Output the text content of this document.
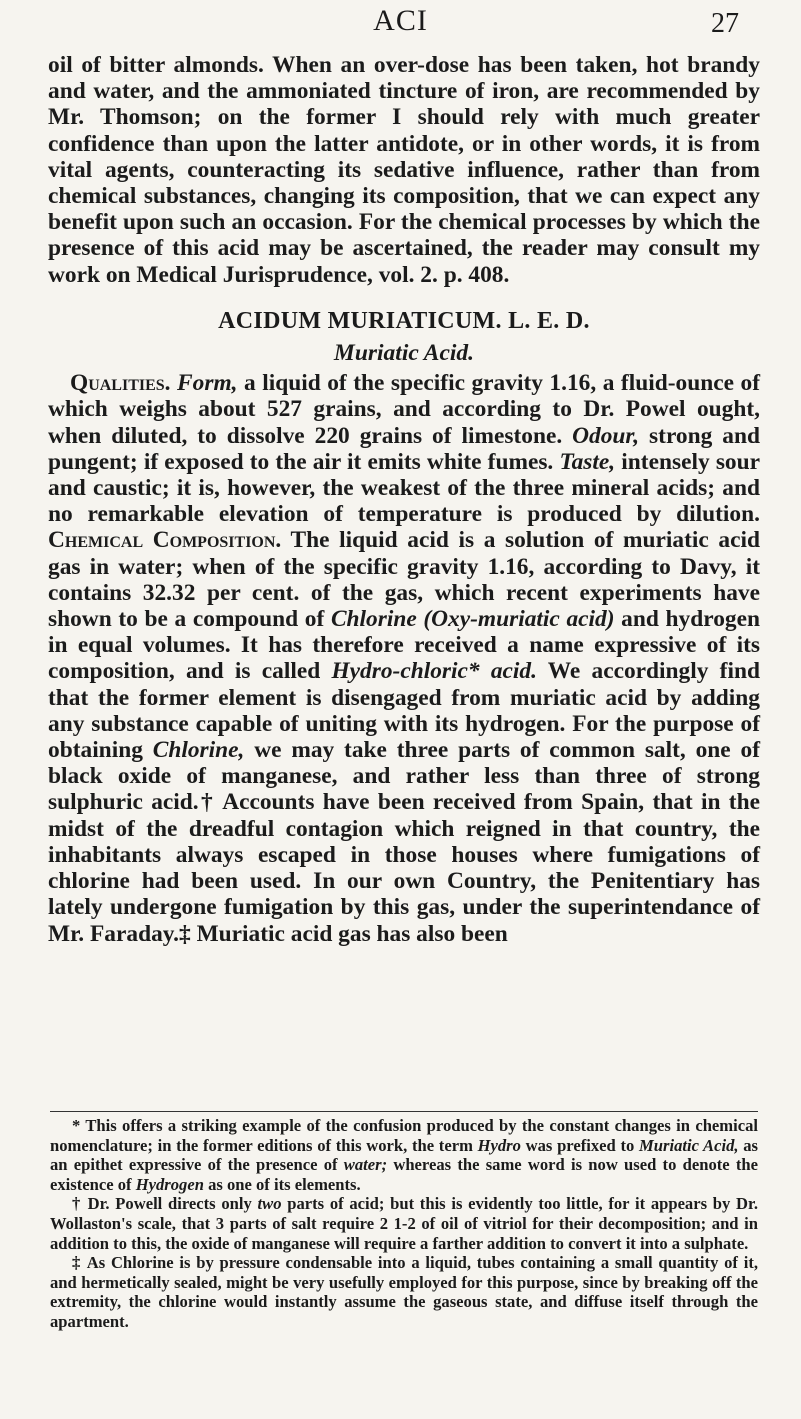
ACI	27

oil of bitter almonds. When an over-dose has been taken, hot brandy and water, and the ammoniated tincture of iron, are recommended by Mr. Thomson; on the former I should rely with much greater confidence than upon the latter antidote, or in other words, it is from vital agents, counteracting its sedative influence, rather than from chemical substances, changing its composition, that we can expect any benefit upon such an occasion. For the chemical processes by which the presence of this acid may be ascertained, the reader may consult my work on Medical Jurisprudence, vol. 2. p. 408.

ACIDUM MURIATICUM. L. E. D.
Muriatic Acid.

Qualities. Form, a liquid of the specific gravity 1.16, a fluid-ounce of which weighs about 527 grains, and according to Dr. Powel ought, when diluted, to dissolve 220 grains of limestone. Odour, strong and pungent; if exposed to the air it emits white fumes. Taste, intensely sour and caustic; it is, however, the weakest of the three mineral acids; and no remarkable elevation of temperature is produced by dilution. Chemical Composition. The liquid acid is a solution of muriatic acid gas in water; when of the specific gravity 1.16, according to Davy, it contains 32.32 per cent. of the gas, which recent experiments have shown to be a compound of Chlorine (Oxy-muriatic acid) and hydrogen in equal volumes. It has therefore received a name expressive of its composition, and is called Hydro-chloric* acid. We accordingly find that the former element is disengaged from muriatic acid by adding any substance capable of uniting with its hydrogen. For the purpose of obtaining Chlorine, we may take three parts of common salt, one of black oxide of manganese, and rather less than three of strong sulphuric acid.† Accounts have been received from Spain, that in the midst of the dreadful contagion which reigned in that country, the inhabitants always escaped in those houses where fumigations of chlorine had been used. In our own Country, the Penitentiary has lately undergone fumigation by this gas, under the superintendance of Mr. Faraday.‡ Muriatic acid gas has also been

* This offers a striking example of the confusion produced by the constant changes in chemical nomenclature; in the former editions of this work, the term Hydro was prefixed to Muriatic Acid, as an epithet expressive of the presence of water; whereas the same word is now used to denote the existence of Hydrogen as one of its elements.

† Dr. Powell directs only two parts of acid; but this is evidently too little, for it appears by Dr. Wollaston's scale, that 3 parts of salt require 2 1-2 of oil of vitriol for their decomposition; and in addition to this, the oxide of manganese will require a farther addition to convert it into a sulphate.

‡ As Chlorine is by pressure condensable into a liquid, tubes containing a small quantity of it, and hermetically sealed, might be very usefully employed for this purpose, since by breaking off the extremity, the chlorine would instantly assume the gaseous state, and diffuse itself through the apartment.
